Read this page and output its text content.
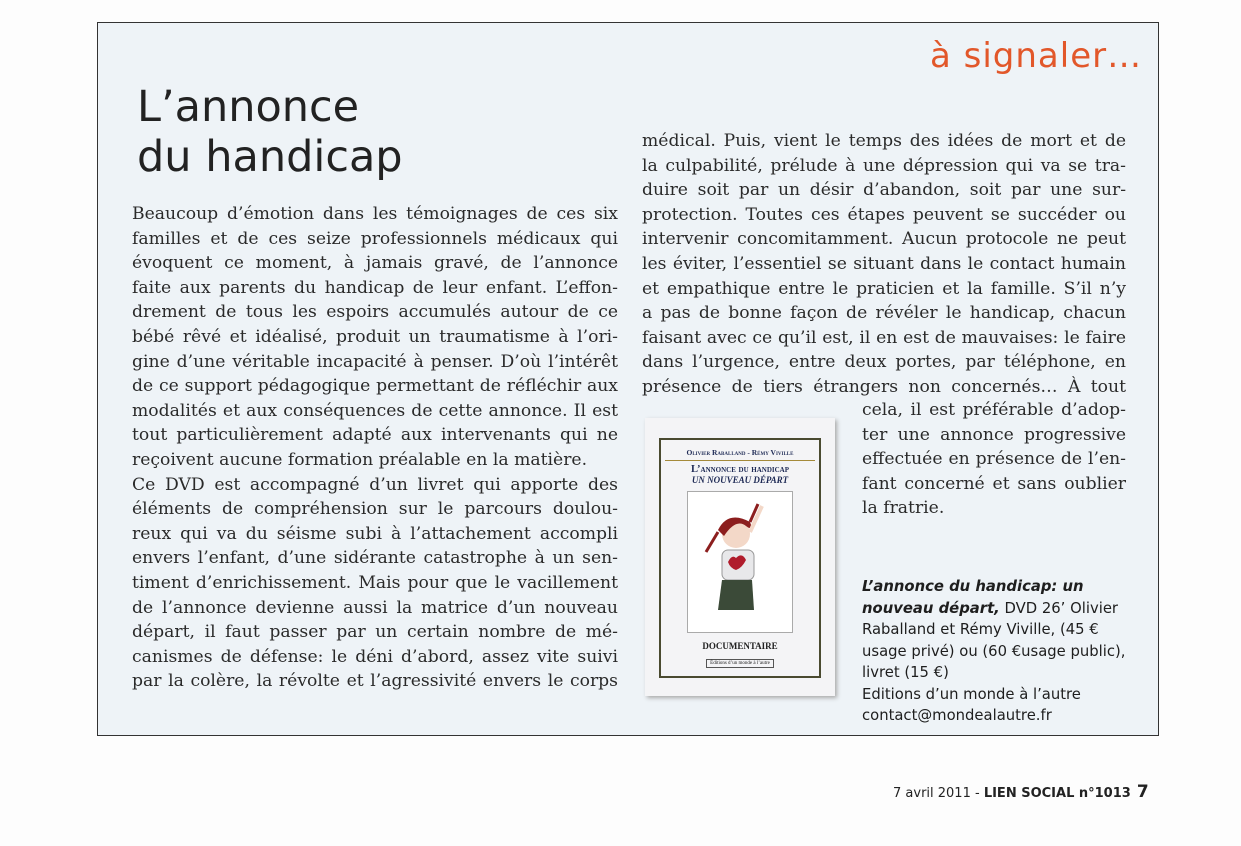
à signaler…
L’annonce
du handicap
Beaucoup d’émotion dans les témoignages de ces six
familles et de ces seize professionnels médicaux qui
évoquent ce moment, à jamais gravé, de l’annonce
faite aux parents du handicap de leur enfant. L’effon-
drement de tous les espoirs accumulés autour de ce
bébé rêvé et idéalisé, produit un traumatisme à l’ori-
gine d’une véritable incapacité à penser. D’où l’intérêt
de ce support pédagogique permettant de réfléchir aux
modalités et aux conséquences de cette annonce. Il est
tout particulièrement adapté aux intervenants qui ne
reçoivent aucune formation préalable en la matière.
Ce DVD est accompagné d’un livret qui apporte des
éléments de compréhension sur le parcours doulou-
reux qui va du séisme subi à l’attachement accompli
envers l’enfant, d’une sidérante catastrophe à un sen-
timent d’enrichissement. Mais pour que le vacillement
de l’annonce devienne aussi la matrice d’un nouveau
départ, il faut passer par un certain nombre de mé-
canismes de défense: le déni d’abord, assez vite suivi
par la colère, la révolte et l’agressivité envers le corps
médical. Puis, vient le temps des idées de mort et de
la culpabilité, prélude à une dépression qui va se tra-
duire soit par un désir d’abandon, soit par une sur-
protection. Toutes ces étapes peuvent se succéder ou
intervenir concomitamment. Aucun protocole ne peut
les éviter, l’essentiel se situant dans le contact humain
et empathique entre le praticien et la famille. S’il n’y
a pas de bonne façon de révéler le handicap, chacun
faisant avec ce qu’il est, il en est de mauvaises: le faire
dans l’urgence, entre deux portes, par téléphone, en
présence de tiers étrangers non concernés… À tout
cela, il est préférable d’adop-
ter une annonce progressive
effectuée en présence de l’en-
fant concerné et sans oublier
la fratrie.
Olivier Raballand - Rémy Viville
L’annonce du handicap
UN NOUVEAU DÉPART
DOCUMENTAIRE
Éditions d’un monde à l’autre
L’annonce du handicap: un nouveau départ, DVD 26’ Olivier Raballand et Rémy Viville, (45 € usage privé) ou (60 €usage public), livret (15 €)
Editions d’un monde à l’autre
contact@mondealautre.fr
7 avril 2011 - LIEN SOCIAL n°1013 7
